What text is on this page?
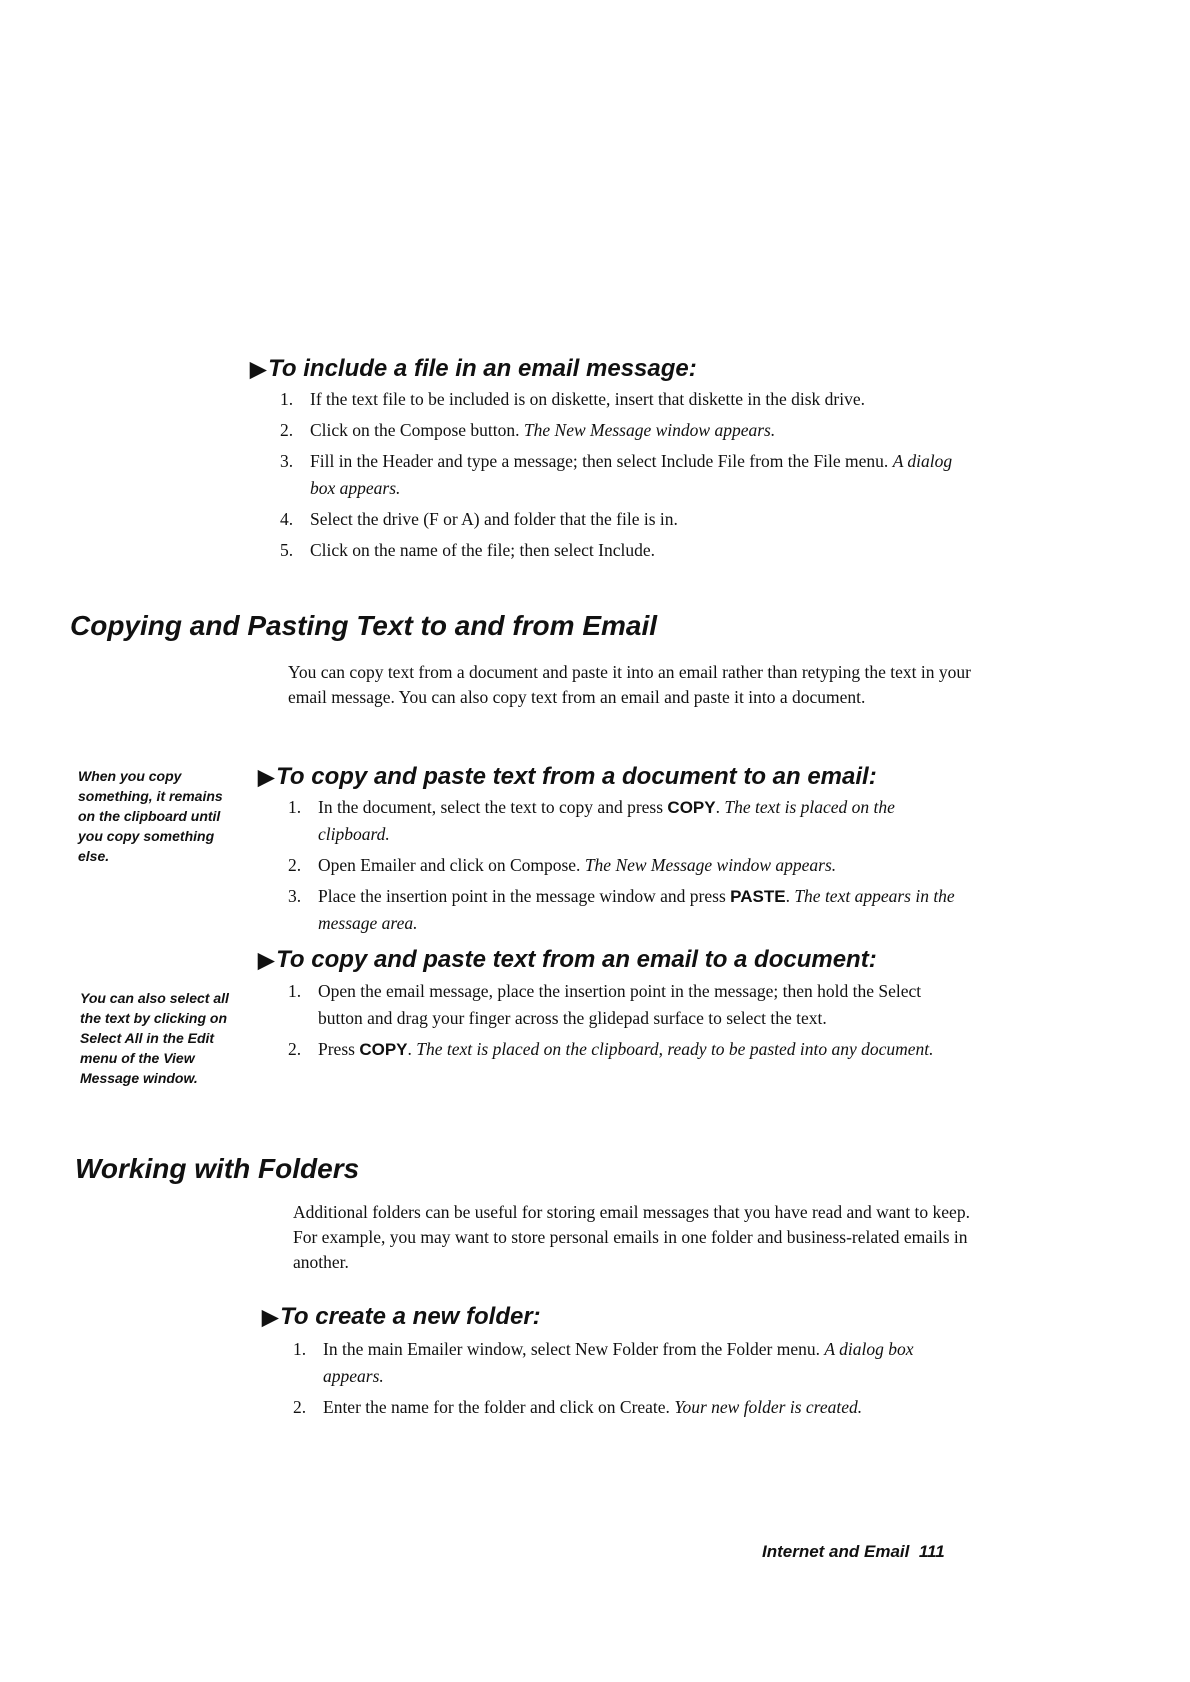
▶To include a file in an email message:
1. If the text file to be included is on diskette, insert that diskette in the disk drive.
2. Click on the Compose button. The New Message window appears.
3. Fill in the Header and type a message; then select Include File from the File menu. A dialog box appears.
4. Select the drive (F or A) and folder that the file is in.
5. Click on the name of the file; then select Include.
Copying and Pasting Text to and from Email

You can copy text from a document and paste it into an email rather than retyping the text in your email message. You can also copy text from an email and paste it into a document.

When you copy something, it remains on the clipboard until you copy something else.

▶To copy and paste text from a document to an email:
1. In the document, select the text to copy and press COPY. The text is placed on the clipboard.
2. Open Emailer and click on Compose. The New Message window appears.
3. Place the insertion point in the message window and press PASTE. The text appears in the message area.

You can also select all the text by clicking on Select All in the Edit menu of the View Message window.

▶To copy and paste text from an email to a document:
1. Open the email message, place the insertion point in the message; then hold the Select button and drag your finger across the glidepad surface to select the text.
2. Press COPY. The text is placed on the clipboard, ready to be pasted into any document.
Working with Folders

Additional folders can be useful for storing email messages that you have read and want to keep. For example, you may want to store personal emails in one folder and business-related emails in another.

▶To create a new folder:
1. In the main Emailer window, select New Folder from the Folder menu. A dialog box appears.
2. Enter the name for the folder and click on Create. Your new folder is created.
Internet and Email 111
